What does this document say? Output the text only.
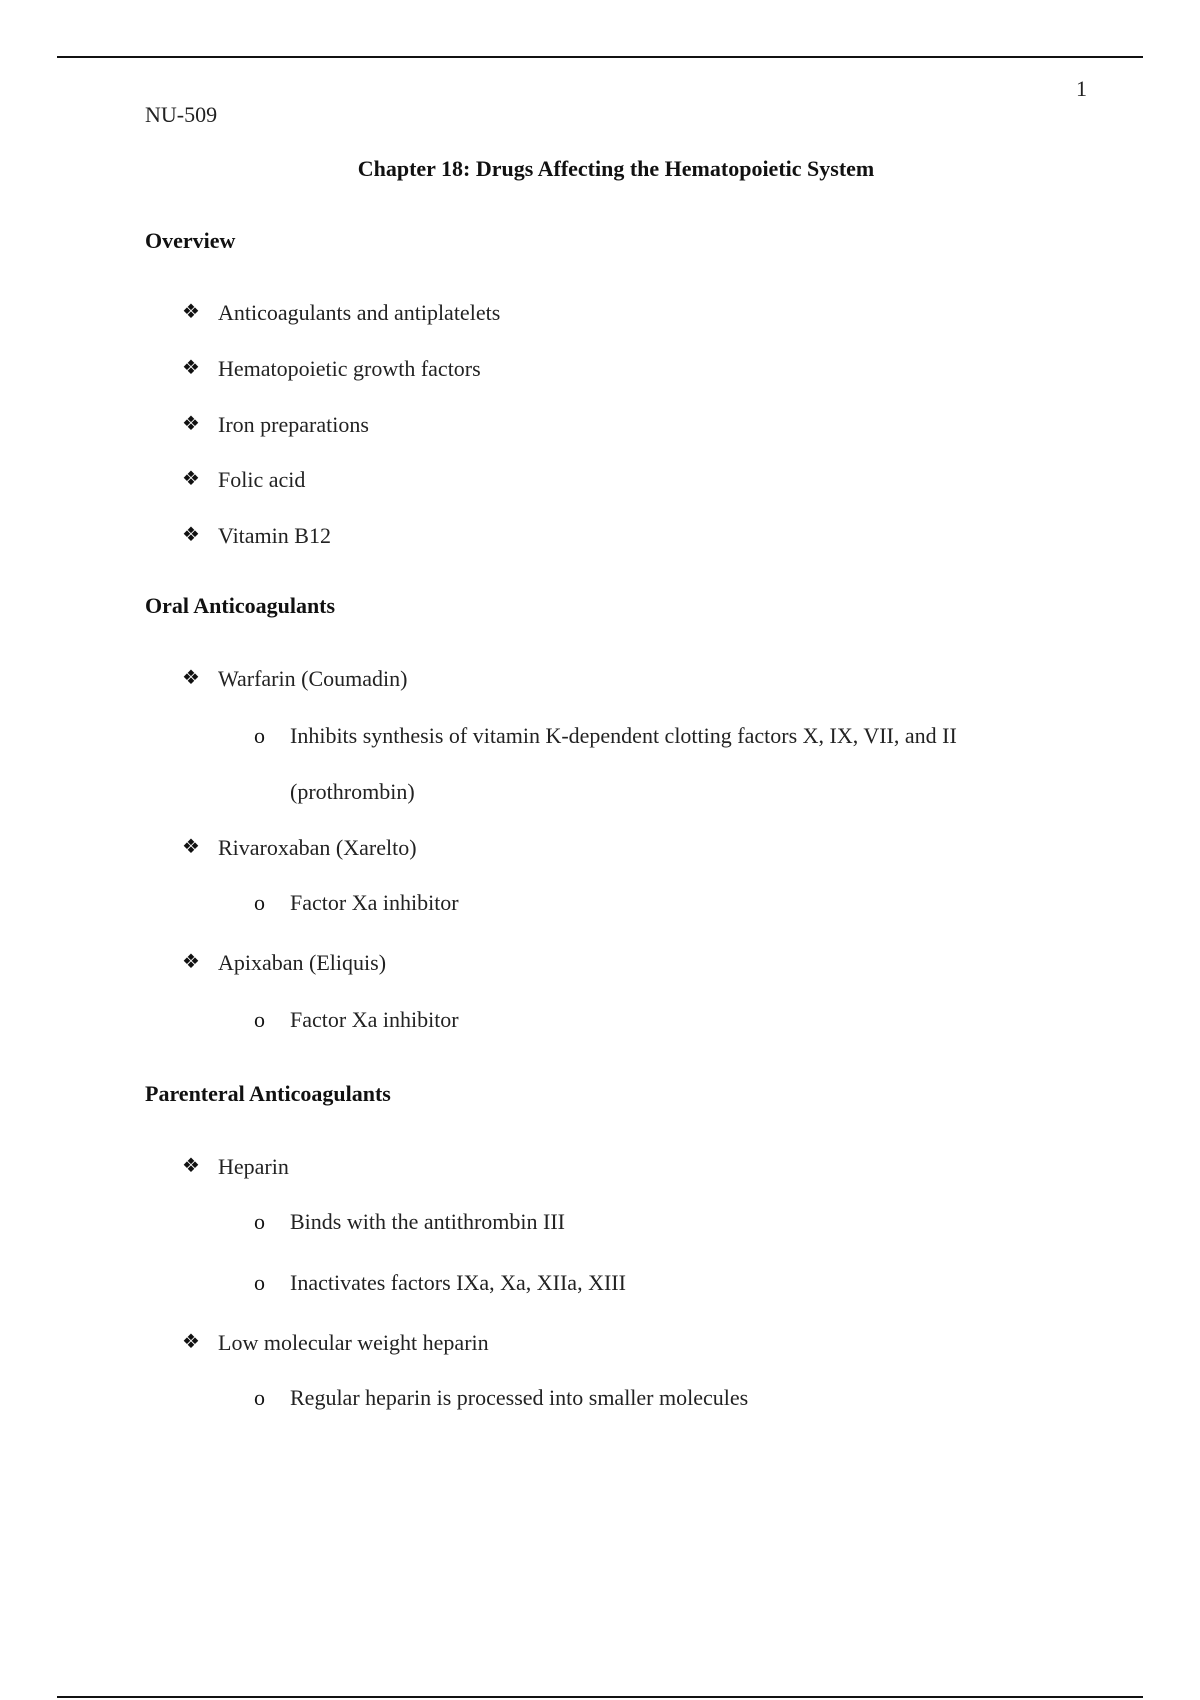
1
NU-509
Chapter 18: Drugs Affecting the Hematopoietic System
Overview
❖ Anticoagulants and antiplatelets
❖ Hematopoietic growth factors
❖ Iron preparations
❖ Folic acid
❖ Vitamin B12
Oral Anticoagulants
❖ Warfarin (Coumadin)
o Inhibits synthesis of vitamin K-dependent clotting factors X, IX, VII, and II
(prothrombin)
❖ Rivaroxaban (Xarelto)
o Factor Xa inhibitor
❖ Apixaban (Eliquis)
o Factor Xa inhibitor
Parenteral Anticoagulants
❖ Heparin
o Binds with the antithrombin III
o Inactivates factors IXa, Xa, XIIa, XIII
❖ Low molecular weight heparin
o Regular heparin is processed into smaller molecules
